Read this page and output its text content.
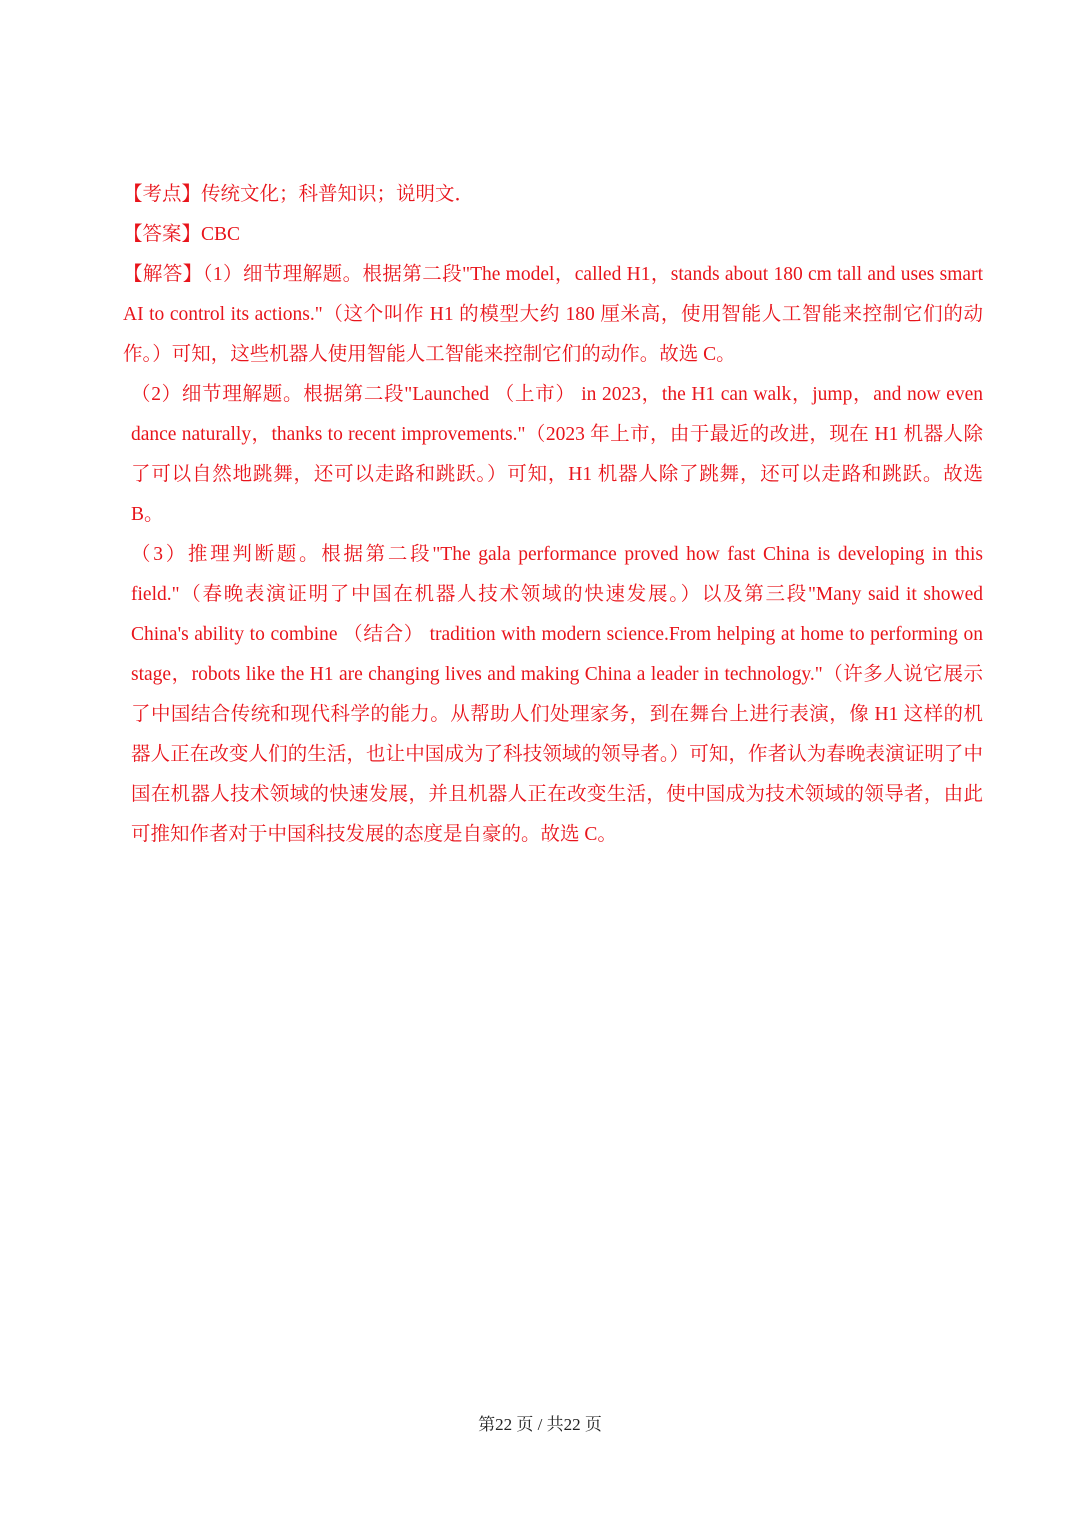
【考点】传统文化；科普知识；说明文．

【答案】CBC

【解答】（1）细节理解题。根据第二段"The model，called H1，stands about 180 cm tall and uses smart AI to control its actions."（这个叫作 H1 的模型大约 180 厘米高，使用智能人工智能来控制它们的动作。）可知，这些机器人使用智能人工智能来控制它们的动作。故选 C。

（2）细节理解题。根据第二段"Launched （上市） in 2023，the H1 can walk，jump，and now even dance naturally，thanks to recent improvements."（2023 年上市，由于最近的改进，现在 H1 机器人除了可以自然地跳舞，还可以走路和跳跃。）可知，H1 机器人除了跳舞，还可以走路和跳跃。故选 B。

（3）推理判断题。根据第二段"The gala performance proved how fast China is developing in this field."（春晚表演证明了中国在机器人技术领域的快速发展。）以及第三段"Many said it showed China's ability to combine （结合） tradition with modern science.From helping at home to performing on stage，robots like the H1 are changing lives and making China a leader in technology."（许多人说它展示了中国结合传统和现代科学的能力。从帮助人们处理家务，到在舞台上进行表演，像 H1 这样的机器人正在改变人们的生活，也让中国成为了科技领域的领导者。）可知，作者认为春晚表演证明了中国在机器人技术领域的快速发展，并且机器人正在改变生活，使中国成为技术领域的领导者，由此可推知作者对于中国科技发展的态度是自豪的。故选 C。

第22 页 / 共22 页
